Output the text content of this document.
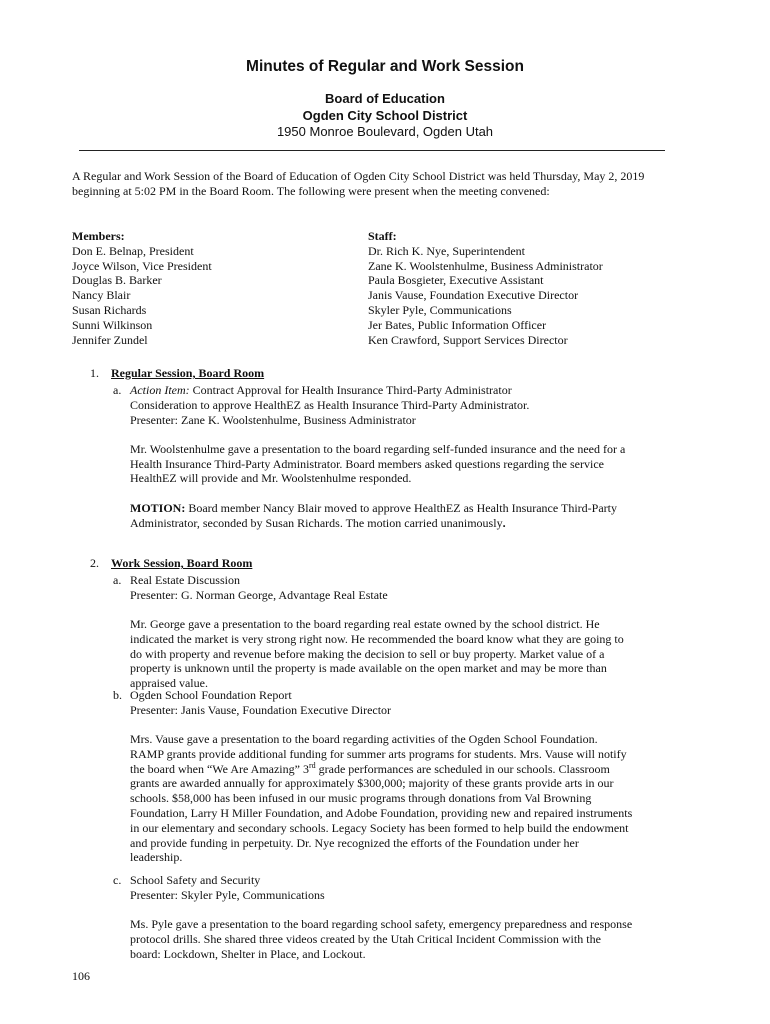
Minutes of Regular and Work Session
Board of Education
Ogden City School District
1950 Monroe Boulevard, Ogden Utah

A Regular and Work Session of the Board of Education of Ogden City School District was held Thursday, May 2, 2019 beginning at 5:02 PM in the Board Room. The following were present when the meeting convened:

Members:
Don E. Belnap, President
Joyce Wilson, Vice President
Douglas B. Barker
Nancy Blair
Susan Richards
Sunni Wilkinson
Jennifer Zundel
Staff:
Dr. Rich K. Nye, Superintendent
Zane K. Woolstenhulme, Business Administrator
Paula Bosgieter, Executive Assistant
Janis Vause, Foundation Executive Director
Skyler Pyle, Communications
Jer Bates, Public Information Officer
Ken Crawford, Support Services Director
1. Regular Session, Board Room
a. Action Item: Contract Approval for Health Insurance Third-Party Administrator
Consideration to approve HealthEZ as Health Insurance Third-Party Administrator.
Presenter: Zane K. Woolstenhulme, Business Administrator

Mr. Woolstenhulme gave a presentation to the board regarding self-funded insurance and the need for a Health Insurance Third-Party Administrator. Board members asked questions regarding the service HealthEZ will provide and Mr. Woolstenhulme responded.

MOTION: Board member Nancy Blair moved to approve HealthEZ as Health Insurance Third-Party Administrator, seconded by Susan Richards. The motion carried unanimously.

2. Work Session, Board Room
a. Real Estate Discussion
Presenter: G. Norman George, Advantage Real Estate

Mr. George gave a presentation to the board regarding real estate owned by the school district. He indicated the market is very strong right now. He recommended the board know what they are going to do with property and revenue before making the decision to sell or buy property. Market value of a property is unknown until the property is made available on the open market and may be more than appraised value.

b. Ogden School Foundation Report
Presenter: Janis Vause, Foundation Executive Director

Mrs. Vause gave a presentation to the board regarding activities of the Ogden School Foundation. RAMP grants provide additional funding for summer arts programs for students. Mrs. Vause will notify the board when “We Are Amazing” 3rd grade performances are scheduled in our schools. Classroom grants are awarded annually for approximately $300,000; majority of these grants provide arts in our schools. $58,000 has been infused in our music programs through donations from Val Browning Foundation, Larry H Miller Foundation, and Adobe Foundation, providing new and repaired instruments in our elementary and secondary schools. Legacy Society has been formed to help build the endowment and provide funding in perpetuity. Dr. Nye recognized the efforts of the Foundation under her leadership.

c. School Safety and Security
Presenter: Skyler Pyle, Communications

Ms. Pyle gave a presentation to the board regarding school safety, emergency preparedness and response protocol drills. She shared three videos created by the Utah Critical Incident Commission with the board: Lockdown, Shelter in Place, and Lockout.

106
